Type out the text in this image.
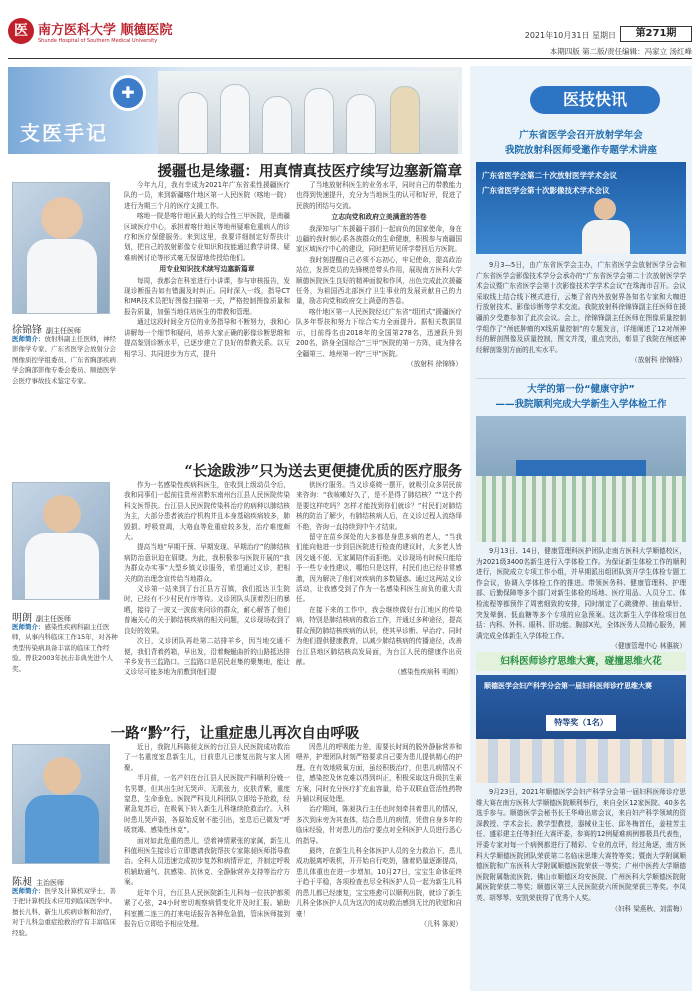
医 南方医科大学 顺德医院
Shunde Hospital of Southern Medical University
2021年10月31日 星期日	第271期
本期四版 第二版/责任编辑：冯家立 汤红峰
✚
支医手记
援疆也是缘疆：用真情真技医疗续写边塞新篇章
徐锦锋 副主任医师
医师简介：放射科副主任医师，神经影像学专家、广东省医学会放射分会图像质控学组委员、广东省胸部疾病学会胸部影像专委会委员、顺德医学会医疗事故技术鉴定专家。

今年九月，我有幸成为2021年广东省柔性援疆医疗队的一员，来到新疆喀什地区第一人民医院（喀地一院）进行为期三个月的医疗支援工作。

喀地一院是喀什地区最大的综合性三甲医院，是南疆区域医疗中心，承担着喀什地区等地州疑难危重病人的诊疗和医疗保健服务。来到这里，我要详细制定好帮扶计划，把自己的放射影像专业知识和技能通过教学讲课、疑难病例讨论等形式毫无保留地传授给他们。

用专业知识技术续写边塞新篇章

每周，我都会在科室进行小讲课，参与审核报告，发现诊断报告如有错漏及时纠正。同时深入一线，指导CT和MR技术员把好图像扫描第一关，严格控制图像质量和报告质量，加强当地住培医生的带教和管理。

通过这段时间全方位的业务指导和不断努力，我和心讲解每一个细节和疑问，培养大家正确的影像诊断思维和提高鉴别诊断水平，已逐步建立了良好的带教关系。以互相学习、共同进步为方式，提升

了当地放射科医生的业务水平，同时自己的带教能力也得到快速提升，充分为当地医生的认可和好评，促进了民族的团结与交流。

立志向党和政府立美满意的答卷

我深知与广东援疆干部们一起肩负的国家使命，身在边疆的我时刻心系各族群众的生命健康，积极参与南疆国家区域医疗中心的建设，同时把所见所学带回后方医院。

我时刻提醒自己必须不忘初心，牢记使命，提高政治站位，发挥党员的先锋模范带头作用，展现南方医科大学顺德医院医生良好的精神面貌和作风，出色完成此次援疆任务，为祖国西北部医疗卫生事业的发展贡献自己的力量，励志向党和政府交上满意的答卷。

喀什地区第一人民医院经过广东省“组团式”援疆医疗队多年帮扶和努力下综合实力全面提升。据相关数据显示，目前得名由2018年的全国第278名，迅速跃升到200名，跻身全国综合“三甲”医院的第一方阵，成为排名全疆第三、地州第一的“三甲”医院。

（放射科 徐锦锋）

“长途跋涉”只为送去更便捷优质的医疗服务
明朗 副主任医师
医师简介：感染性疾病科副主任医师，从事内科临床工作15年，对各种类型传染病具备丰富的临床工作经验。曾获2003年抗击非典先进个人奖。

作为一名感染性疾病科医生，在收到上级动员令后，我和同事们一起前往贵州省黔东南州台江县人民医院传染科支医帮扶。台江县人民医院传染科治疗的病种以肺结核为主，大部分患者被治疗机构并且本身基础疾病较多，肺毁损、呼吸衰竭，大咯血等危重症较多发，治疗难度颇大。

提高当地“早期干预、早期发现、早期治疗”的肺结核病防治意识迫在眉睫。为此，我积极参与医院开展的“我为群众办实事”大型乡镇义诊服务，希望通过义诊，把相关的防治理念宣传给当地群众。

义诊第一站来到了台江县方召镇，我们抵达卫生院时，已经有不少村民有序等待。义诊团队头顶着烈日的暴晒，接待了一波又一波前来问诊的群众，耐心解答了他们普遍关心的关于肺结核疾病的相关问题，义诊现场收到了良好的效果。

次日，义诊团队再赴第二站排羊乡，因当地交通不便，我们背着药箱，早出发，沿着蜿蜒曲折的山路抵达排羊乡发书三监路口。三监路口是居民赶集的聚集地，能让义诊尽可能多地为前敷到他们提

供医疗服务。当义诊桌椅一摆开，就吸引众多居民前来咨询：“我咳嗽好久了，是不是得了肺结核？”“这个药是要这样吃吗？怎样才能找到你们就诊？”村民们对肺结核的防治了解少，有肺结核病人后，在义诊过程人流络绎不绝，咨询一直持续到中午才结束。

留守在苗乡深处的大多都是身患多病的老人，“当我们能向他进一步到县医院进行检查的建议时，大多老人皆因交通不便、无家属陪伴而拒绝。义诊现场有时候只能给予一些专业性建议，哪怕只是这样，村民们也已经非常感激，因为解决了他们对疾病的多数疑惑。通过这两站义诊活动，让我感受到了作为一名感染科医生肩负的重大责任。

在接下来的工作中，我会继续做好台江地区的传染病，特别是肺结核病的救治工作，并通过多种途径，提高群众预防肺结核疾病的认识，使其早诊断、早治疗、同时为他们提供健康教育，以减少肺结核病的传播途径，改善台江县地区肺结核高发局面，为台江人民的健康作出贡献。

（感染性疾病科 明朗）

一路“黔”行，让重症患儿再次自由呼吸
陈昶 主治医师
医师简介：医学及计算机双学士，善于把计算机技术应用到临床医学中。擅长儿科、新生儿疾病诊断和治疗，对于儿科急重症抢救治疗有丰富临床经验。

近日，我院儿科陈昶支医的台江县人民医院成功救治了一名重度室息新生儿，目前患儿已康复出院与家人团聚。

半月前，一名产妇在台江县人民医院产科顺利分娩一名男婴，但其出生时无哭声、无肌张力，皮肤青紫，重度窒息，生命垂危。医院严科及儿科团队立即给予抢救，经紧急复苏后，在吸氧下转入新生儿科继续抢救治疗。入科时患儿哭声弱，各原始反射不能引出，室息后已微发“呼吸衰竭、感染性休克”。

面对如此危重的患儿，望着神情紧张的家属，新生儿科值班医生接诊后立即邀请我院帮扶专家陈昶医师指导救治。全科人员迅速完成初步复苏和病情评定，并制定呼吸机辅助通气、抗感染、抗休克、全静脉营养支持等治疗方案。

近年个月，台江县人民医院新生儿科每一位扶护都须紧了心弦，24小时密切观察病情变化并及时汇报。辅助科室搬二连三的打来电话报告各种危急值，管床医师接到报告后立即给予相应处理。

因患儿的呼吸能力差，需要长时间的脱外静脉营养和喂养，护理团队时刻严格要求自己要为患儿提供精心的护理。在有效地吸氧方面，虽经积极治疗，但患儿病情况不佳，感染控及休克难以得到纠正，积极采取这升级抗生素方案，同时充分医疗扩充血容量，给予双联血管活性药物升辅以利尿处理。

治疗期间，陈昶执行主任也时刻牵挂着患儿的情况，多次到床旁为其查体，结合患儿的病情，凭借自身多年的临床经验，针对患儿的治疗要点对全科医护人员进行悉心的指导。

最终，在新生儿科全体医护人员的全力救治下，患儿成功脱离呼吸机，开开始自行吃奶，随着奶量逐渐提高，患儿体重也在进一步增加。10月27日，宝宝生命体征终于趋于平稳，各项检查也尽全科医护人员一起为新生儿科的患儿都已经康复，宝宝痊愈可以顺利出院，就诊了新生儿科全体医护人员为这次的成功救治感到无比的欣慰和自豪！

（儿科 陈昶）

医技快讯
广东省医学会召开放射学年会
我院放射科医师受邀作专题学术讲座
广东省医学会第二十次放射医学学术会议
广东省医学会第十次影像技术学术会议
9月3—5日，由广东省医学会主办，广东省医学会放射医学分会和广东省医学会影像技术学分会承办的“广东省医学会第二十次放射医学学术会议暨广东省医学会第十次影像技术学学术会议”在珠海市召开。会议采取线上结合线下模式进行，云集了省内外放射界各知名专家和大咖进行放射技术、影像诊断等学术交流。我院放射科徐锦锋副主任医师在援疆前夕受邀参加了此次会议。会上，徐锦锋副主任医师在图像质量控制学组作了“颅底肿瘤的X线质量控制”的专题发言，详细阐述了12对颅神经的解剖图像及质量控制，图文并茂，重点突出，彰显了我院在颅底神经解剖鉴别方面的扎实水平。
（放射科 徐锦锋）
大学的第一份“健康守护”
——我院顺利完成大学新生入学体检工作
9月13日、14日，健康管理科医护团队走南方医科大学顺德校区，为2021级3400名新生进行入学体检工作。为保证新生体检工作的顺利进行，医院成立专项工作小组，并早期派出组团队到开学生体检专题工作会议，协调入学体检工作的推进。带领医务科、健康管理科、护理部、后勤保障等多个部门对新生体检的场地、医疗用品、人员分工、体检流程等都预作了周密细致的安排，同时制定了心跳骤停、抽血晕针、突发晕倒、低血糖等多个专项的应急预案。这次新生入学体检项目包括：内科、外科、眼科、肝功能、胸部X光，全体医务人员精心服务，圆满完成全体新生入学体检工作。
（健康管理中心 林惠筱）
妇科医师诊疗思维大赛，碰撞思维火花
顺德医学会妇产科学分会第一届妇科医师诊疗思维大赛
特等奖（1名）
9月23日，2021年顺德医学会妇产科学分会第一届妇科医师诊疗思维大赛在南方医科大学顺德医院顺利举行，来自全区12家医院、40多名选手参与。顺德医学会秘书长王华峰出席会议，来自妇产科学领域的资深教授、学术会长、教学型教授，器械业主任、邱冬梅首任，姜桂芳主任、盛彩建主任等担任大赛评委，参赛的12例疑难病例都极具代表性，评委专家对每一个病例都进行了精彩、专业的点评，经过角逐，南方医科大学顺德医院团队荣获第二名临床思维大赛特等奖；暨南大学附属顺德医院和广东医科大学附属顺德医院荣获一等奖；广州中医药大学顺德医院附属勒流医院、佛山市顺德区均安医院、广州医科大学顺德医院附属医院荣获二等奖；顺德区第三人民医院获六所医院荣获三等奖。李凤英、胡琴琴、安凯荣获得了优秀个人奖。
（妇科 梁燕秋、刘雷梅）
